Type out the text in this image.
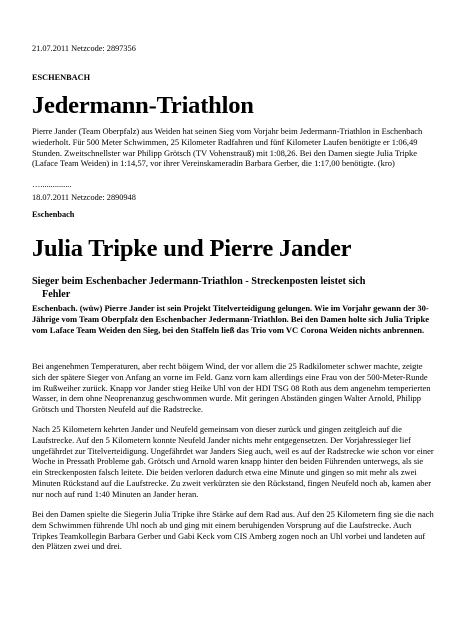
21.07.2011 Netzcode: 2897356

ESCHENBACH

Jedermann-Triathlon

Pierre Jander (Team Oberpfalz) aus Weiden hat seinen Sieg vom Vorjahr beim Jedermann-Triathlon in Eschenbach wiederholt. Für 500 Meter Schwimmen, 25 Kilometer Radfahren und fünf Kilometer Laufen benötigte er 1:06,49 Stunden. Zweitschnellster war Philipp Grötsch (TV Vohenstrauß) mit 1:08,26. Bei den Damen siegte Julia Tripke (Laface Team Weiden) in 1:14,57, vor ihrer Vereinskameradin Barbara Gerber, die 1:17,00 benötigte. (kro)

…...............

18.07.2011 Netzcode: 2890948

Eschenbach

Julia Tripke und Pierre Jander
Sieger beim Eschenbacher Jedermann-Triathlon - Streckenposten leistet sich
Fehler

Eschenbach. (wüw) Pierre Jander ist sein Projekt Titelverteidigung gelungen. Wie im Vorjahr gewann der 30-Jährige vom Team Oberpfalz den Eschenbacher Jedermann-Triathlon. Bei den Damen holte sich Julia Tripke vom Laface Team Weiden den Sieg, bei den Staffeln ließ das Trio vom VC Corona Weiden nichts anbrennen.

Bei angenehmen Temperaturen, aber recht böigem Wind, der vor allem die 25 Radkilometer schwer machte, zeigte sich der spätere Sieger von Anfang an vorne im Feld. Ganz vorn kam allerdings eine Frau von der 500-Meter-Runde im Rußweiher zurück. Knapp vor Jander stieg Heike Uhl von der HDI TSG 08 Roth aus dem angenehm temperierten Wasser, in dem ohne Neoprenanzug geschwommen wurde. Mit geringen Abständen gingen Walter Arnold, Philipp Grötsch und Thorsten Neufeld auf die Radstrecke.

Nach 25 Kilometern kehrten Jander und Neufeld gemeinsam von dieser zurück und gingen zeitgleich auf die Laufstrecke. Auf den 5 Kilometern konnte Neufeld Jander nichts mehr entgegensetzen. Der Vorjahressieger lief ungefährdet zur Titelverteidigung. Ungefährdet war Janders Sieg auch, weil es auf der Radstrecke wie schon vor einer Woche in Pressath Probleme gab. Grötsch und Arnold waren knapp hinter den beiden Führenden unterwegs, als sie ein Streckenposten falsch leitete. Die beiden verloren dadurch etwa eine Minute und gingen so mit mehr als zwei Minuten Rückstand auf die Laufstrecke. Zu zweit verkürzten sie den Rückstand, fingen Neufeld noch ab, kamen aber nur noch auf rund 1:40 Minuten an Jander heran.

Bei den Damen spielte die Siegerin Julia Tripke ihre Stärke auf dem Rad aus. Auf den 25 Kilometern fing sie die nach dem Schwimmen führende Uhl noch ab und ging mit einem beruhigenden Vorsprung auf die Laufstrecke. Auch Tripkes Teamkollegin Barbara Gerber und Gabi Keck vom CIS Amberg zogen noch an Uhl vorbei und landeten auf den Plätzen zwei und drei.
